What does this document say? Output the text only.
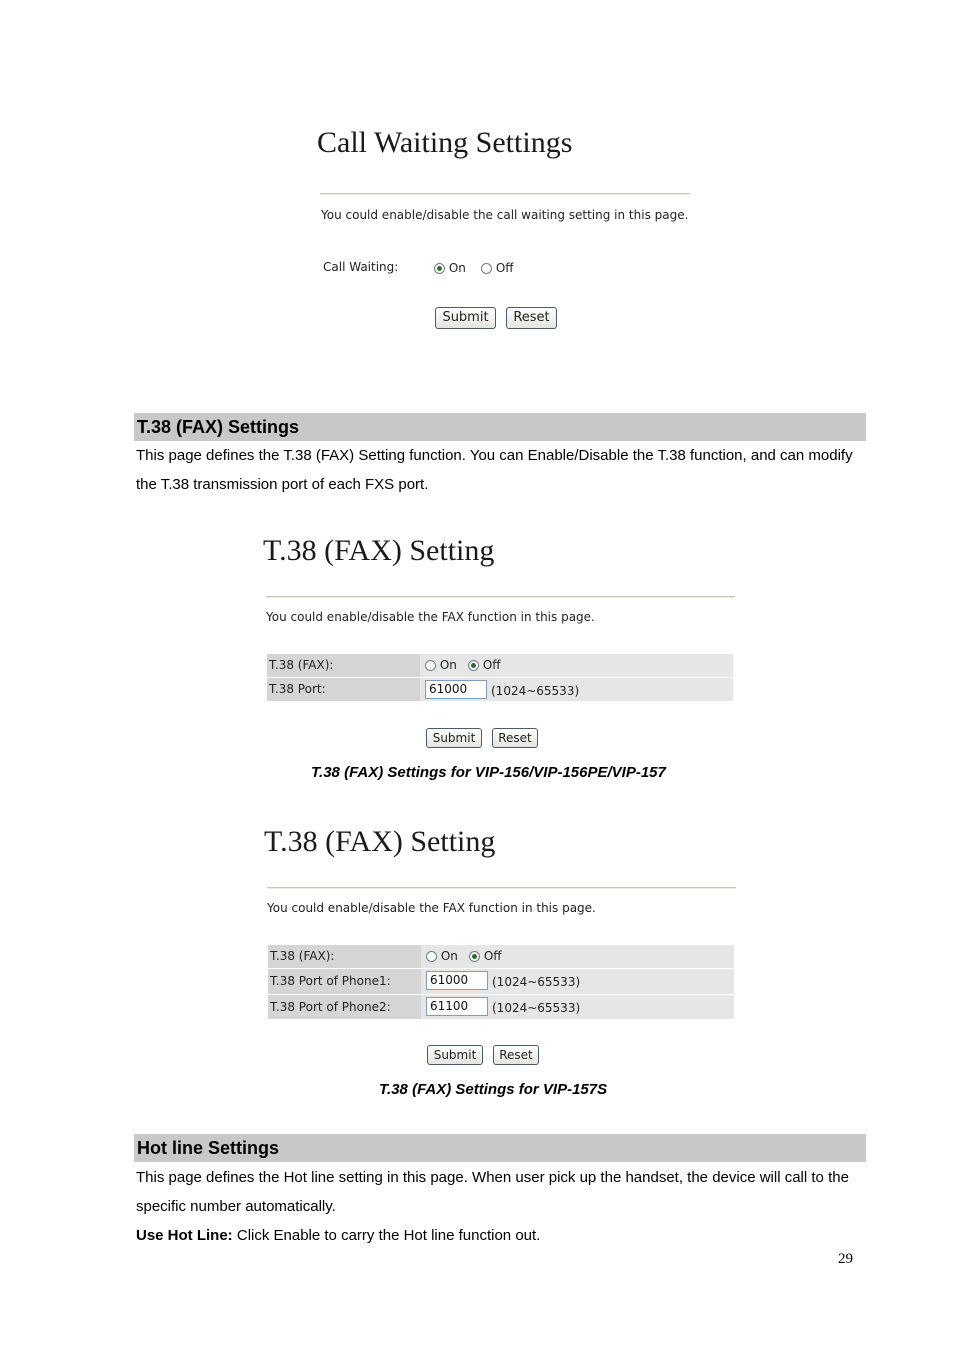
Call Waiting Settings
You could enable/disable the call waiting setting in this page.
Call Waiting:	On	Off
Submit	Reset
T.38 (FAX) Settings
This page defines the T.38 (FAX) Setting function. You can Enable/Disable the T.38 function, and can modify the T.38 transmission port of each FXS port.
T.38 (FAX) Setting
You could enable/disable the FAX function in this page.
T.38 (FAX):	On	Off
T.38 Port:	61000	(1024~65533)
Submit	Reset
T.38 (FAX) Settings for VIP-156/VIP-156PE/VIP-157
T.38 (FAX) Setting
You could enable/disable the FAX function in this page.
T.38 (FAX):	On	Off
T.38 Port of Phone1:	61000	(1024~65533)
T.38 Port of Phone2:	61100	(1024~65533)
Submit	Reset
T.38 (FAX) Settings for VIP-157S
Hot line Settings
This page defines the Hot line setting in this page. When user pick up the handset, the device will call to the specific number automatically.
Use Hot Line: Click Enable to carry the Hot line function out.
29
